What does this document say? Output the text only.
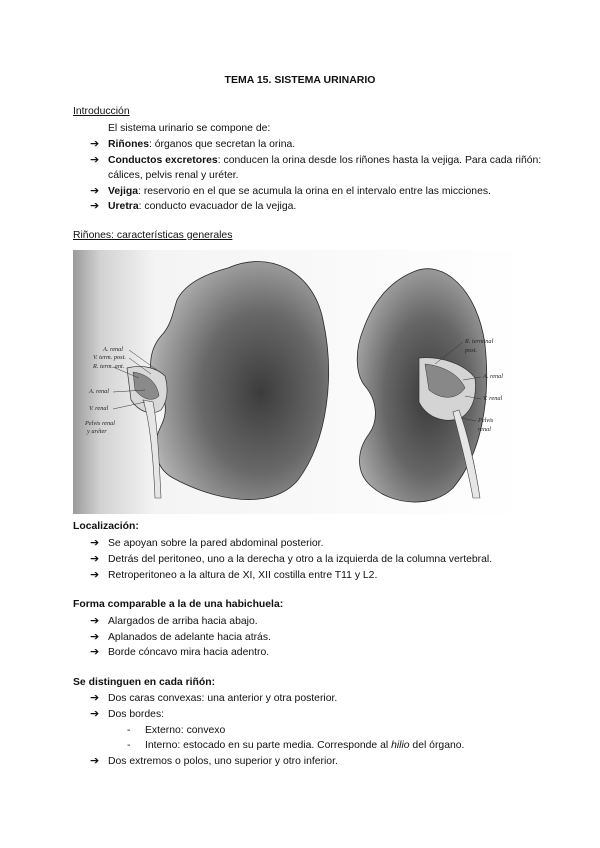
TEMA 15. SISTEMA URINARIO
Introducción
El sistema urinario se compone de:
➔ Riñones: órganos que secretan la orina.
➔ Conductos excretores: conducen la orina desde los riñones hasta la vejiga. Para cada riñón:
cálices, pelvis renal y uréter.
➔ Vejiga: reservorio en el que se acumula la orina en el intervalo entre las micciones.
➔ Uretra: conducto evacuador de la vejiga.
Riñones: características generales
A. renal
V. term. post.
R. term. ant.
A. renal
V. renal
Pelvis renal
y uréter
R. terminal
post.
A. renal
V. renal
Pelvis
renal
Localización:
➔ Se apoyan sobre la pared abdominal posterior.
➔ Detrás del peritoneo, uno a la derecha y otro a la izquierda de la columna vertebral.
➔ Retroperitoneo a la altura de XI, XII costilla entre T11 y L2.
Forma comparable a la de una habichuela:
➔ Alargados de arriba hacia abajo.
➔ Aplanados de adelante hacia atrás.
➔ Borde cóncavo mira hacia adentro.
Se distinguen en cada riñón:
➔ Dos caras convexas: una anterior y otra posterior.
➔ Dos bordes:
- Externo: convexo
- Interno: estocado en su parte media. Corresponde al hilio del órgano.
➔ Dos extremos o polos, uno superior y otro inferior.
